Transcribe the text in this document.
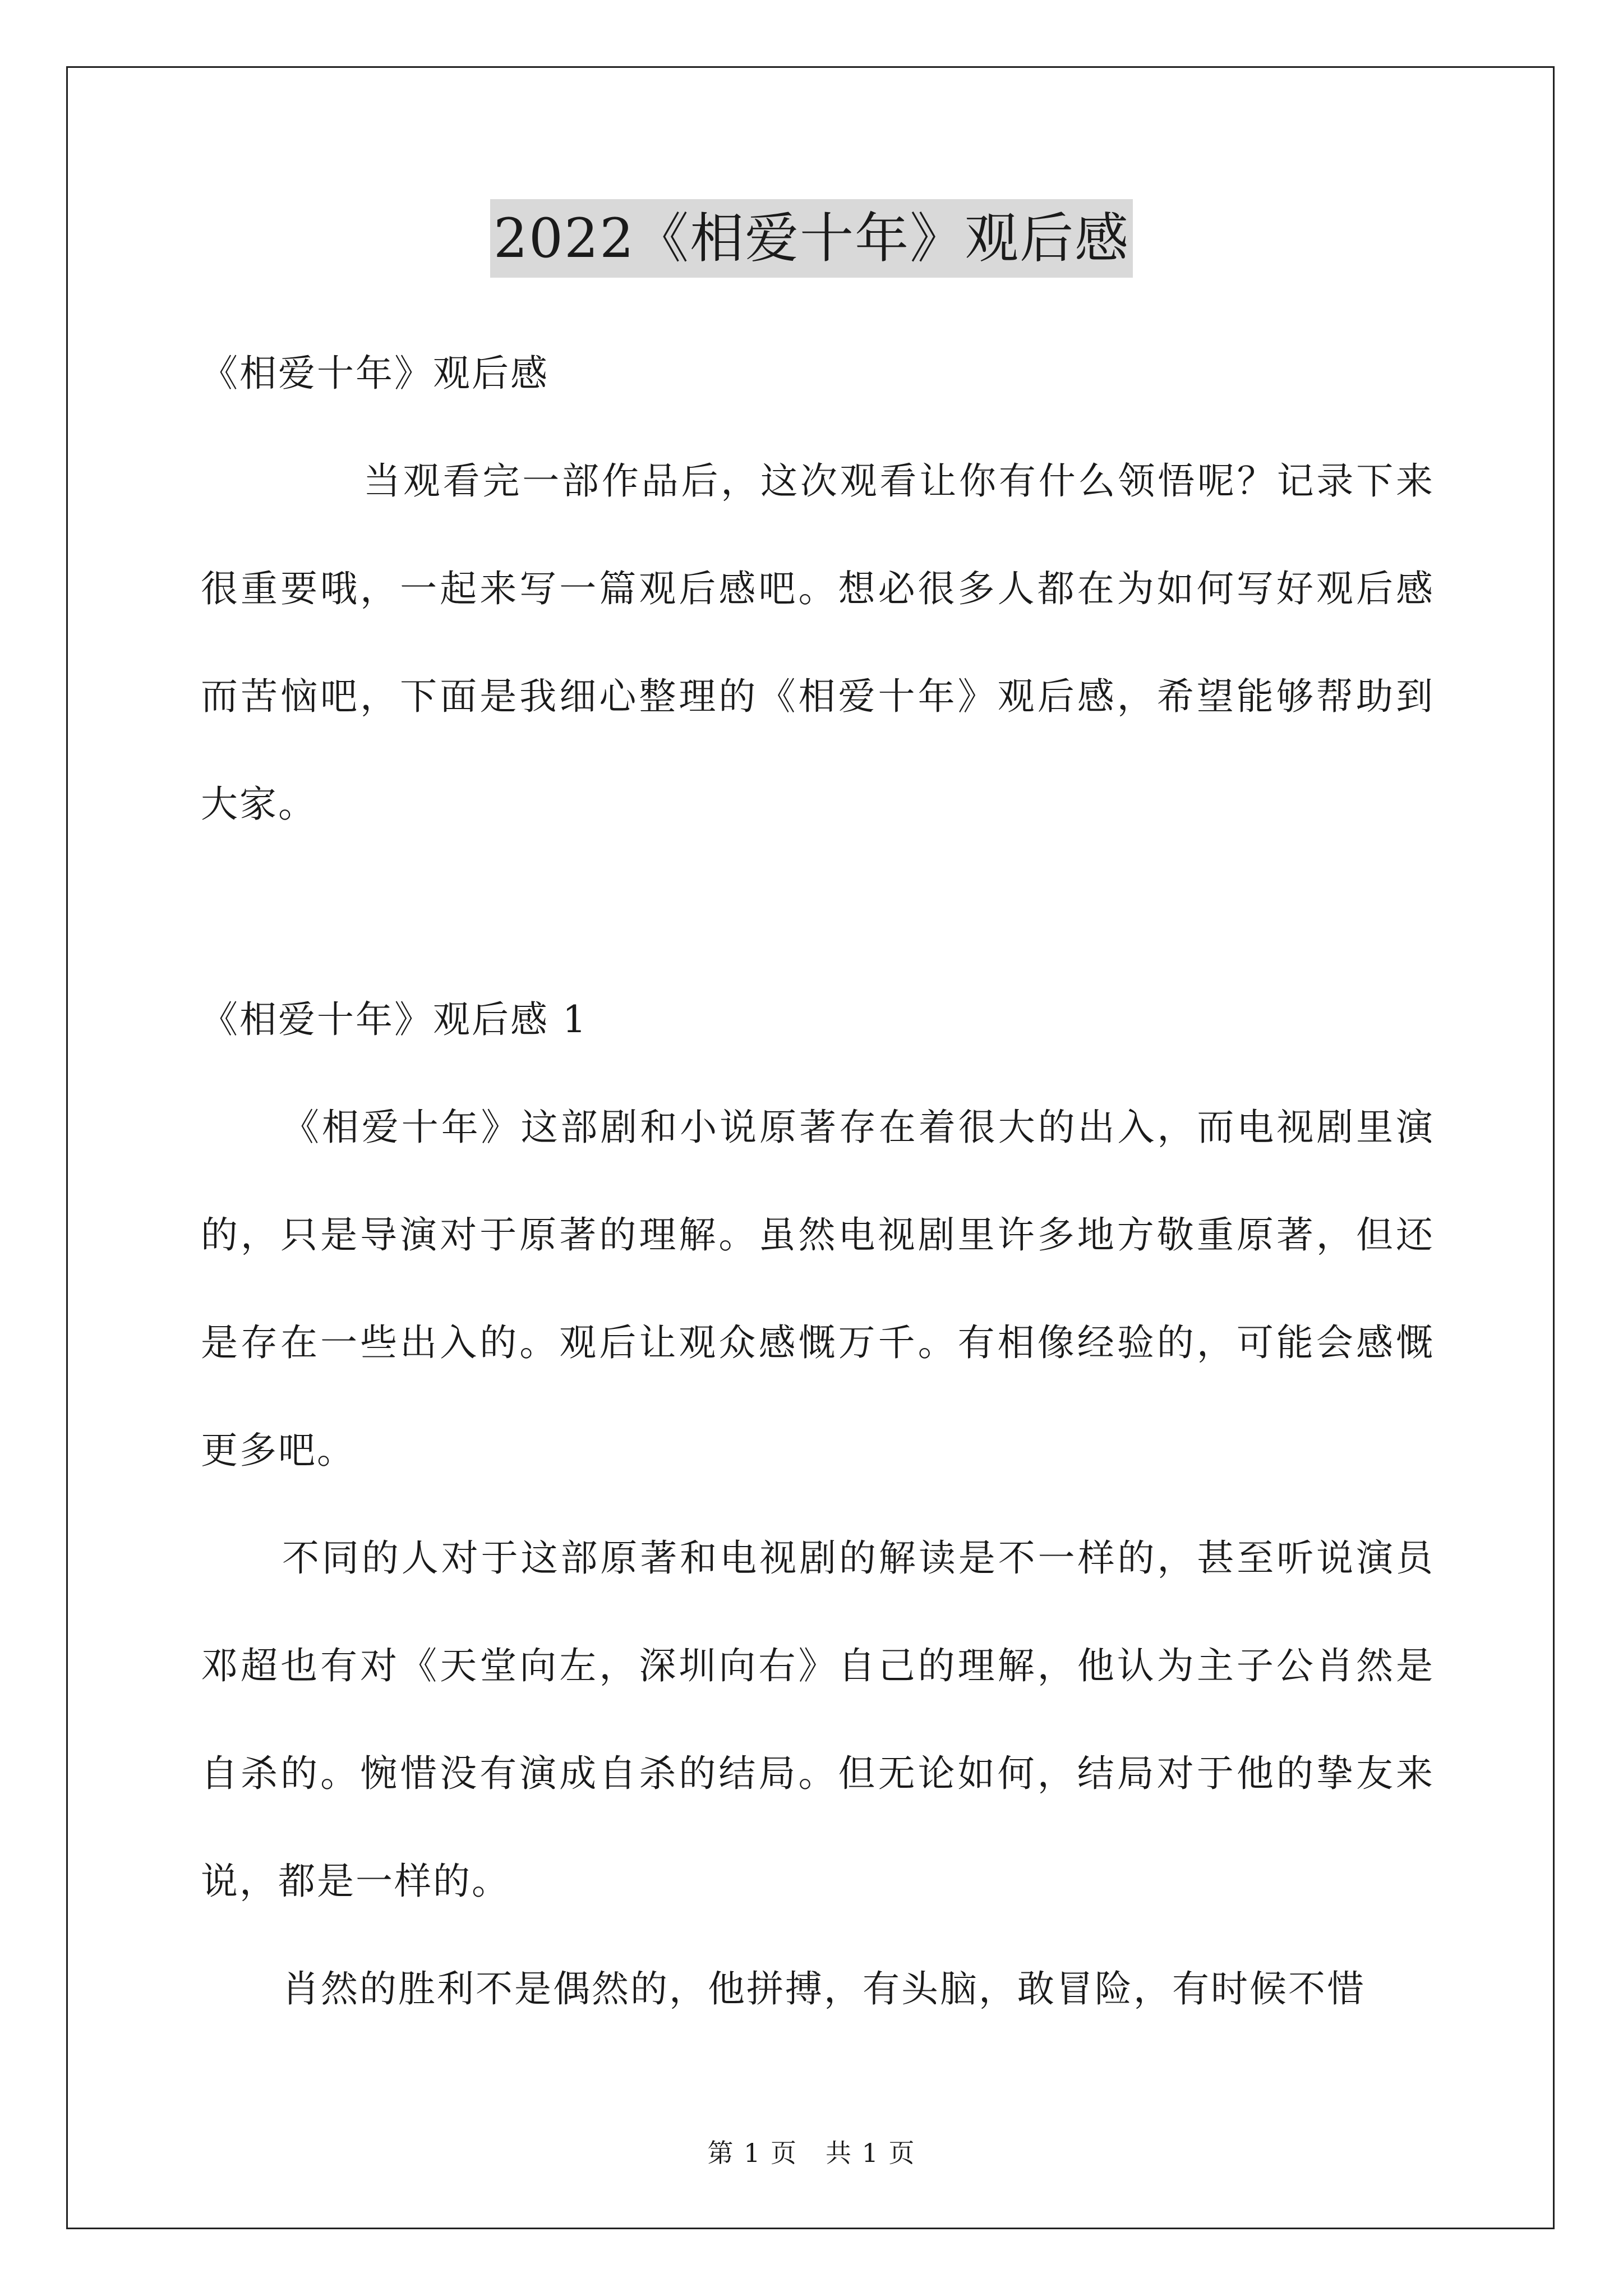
2022《相爱十年》观后感

《相爱十年》观后感

当观看完一部作品后，这次观看让你有什么领悟呢？记录下来很重要哦，一起来写一篇观后感吧。想必很多人都在为如何写好观后感而苦恼吧，下面是我细心整理的《相爱十年》观后感，希望能够帮助到大家。

《相爱十年》观后感 1

《相爱十年》这部剧和小说原著存在着很大的出入，而电视剧里演的，只是导演对于原著的理解。虽然电视剧里许多地方敬重原著，但还是存在一些出入的。观后让观众感慨万千。有相像经验的，可能会感慨更多吧。

不同的人对于这部原著和电视剧的解读是不一样的，甚至听说演员邓超也有对《天堂向左，深圳向右》自己的理解，他认为主子公肖然是自杀的。惋惜没有演成自杀的结局。但无论如何，结局对于他的挚友来说，都是一样的。

肖然的胜利不是偶然的，他拼搏，有头脑，敢冒险，有时候不惜

第 1 页 共 1 页
